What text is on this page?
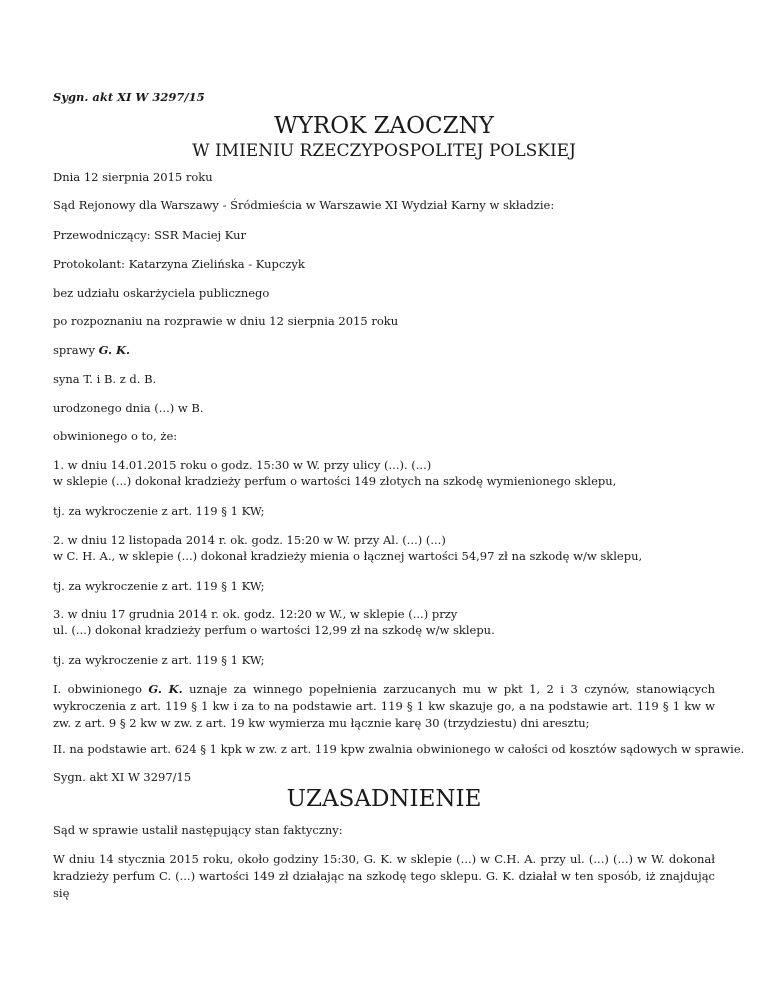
Sygn. akt XI W 3297/15
WYROK ZAOCZNY
W IMIENIU RZECZYPOSPOLITEJ POLSKIEJ
Dnia 12 sierpnia 2015 roku
Sąd Rejonowy dla Warszawy - Śródmieścia w Warszawie XI Wydział Karny w składzie:
Przewodniczący: SSR Maciej Kur
Protokolant: Katarzyna Zielińska - Kupczyk
bez udziału oskarżyciela publicznego
po rozpoznaniu na rozprawie w dniu 12 sierpnia 2015 roku
sprawy G. K.
syna T. i B. z d. B.
urodzonego dnia (...) w B.
obwinionego o to, że:
1. w dniu 14.01.2015 roku o godz. 15:30 w W. przy ulicy (...). (...)
w sklepie (...) dokonał kradzieży perfum o wartości 149 złotych na szkodę wymienionego sklepu,
tj. za wykroczenie z art. 119 § 1 KW;
2. w dniu 12 listopada 2014 r. ok. godz. 15:20 w W. przy Al. (...) (...)
w C. H. A., w sklepie (...) dokonał kradzieży mienia o łącznej wartości 54,97 zł na szkodę w/w sklepu,
tj. za wykroczenie z art. 119 § 1 KW;
3. w dniu 17 grudnia 2014 r. ok. godz. 12:20 w W., w sklepie (...) przy
ul. (...) dokonał kradzieży perfum o wartości 12,99 zł na szkodę w/w sklepu.
tj. za wykroczenie z art. 119 § 1 KW;
I. obwinionego G. K. uznaje za winnego popełnienia zarzucanych mu w pkt 1, 2 i 3 czynów, stanowiących wykroczenia z art. 119 § 1 kw i za to na podstawie art. 119 § 1 kw skazuje go, a na podstawie art. 119 § 1 kw w zw. z art. 9 § 2 kw w zw. z art. 19 kw wymierza mu łącznie karę 30 (trzydziestu) dni aresztu;
II. na podstawie art. 624 § 1 kpk w zw. z art. 119 kpw zwalnia obwinionego w całości od kosztów sądowych w sprawie.
Sygn. akt XI W 3297/15
UZASADNIENIE
Sąd w sprawie ustalił następujący stan faktyczny:
W dniu 14 stycznia 2015 roku, około godziny 15:30, G. K. w sklepie (...) w C.H. A. przy ul. (...) (...) w W. dokonał kradzieży perfum C. (...) wartości 149 zł działając na szkodę tego sklepu. G. K. działał w ten sposób, iż znajdując się
